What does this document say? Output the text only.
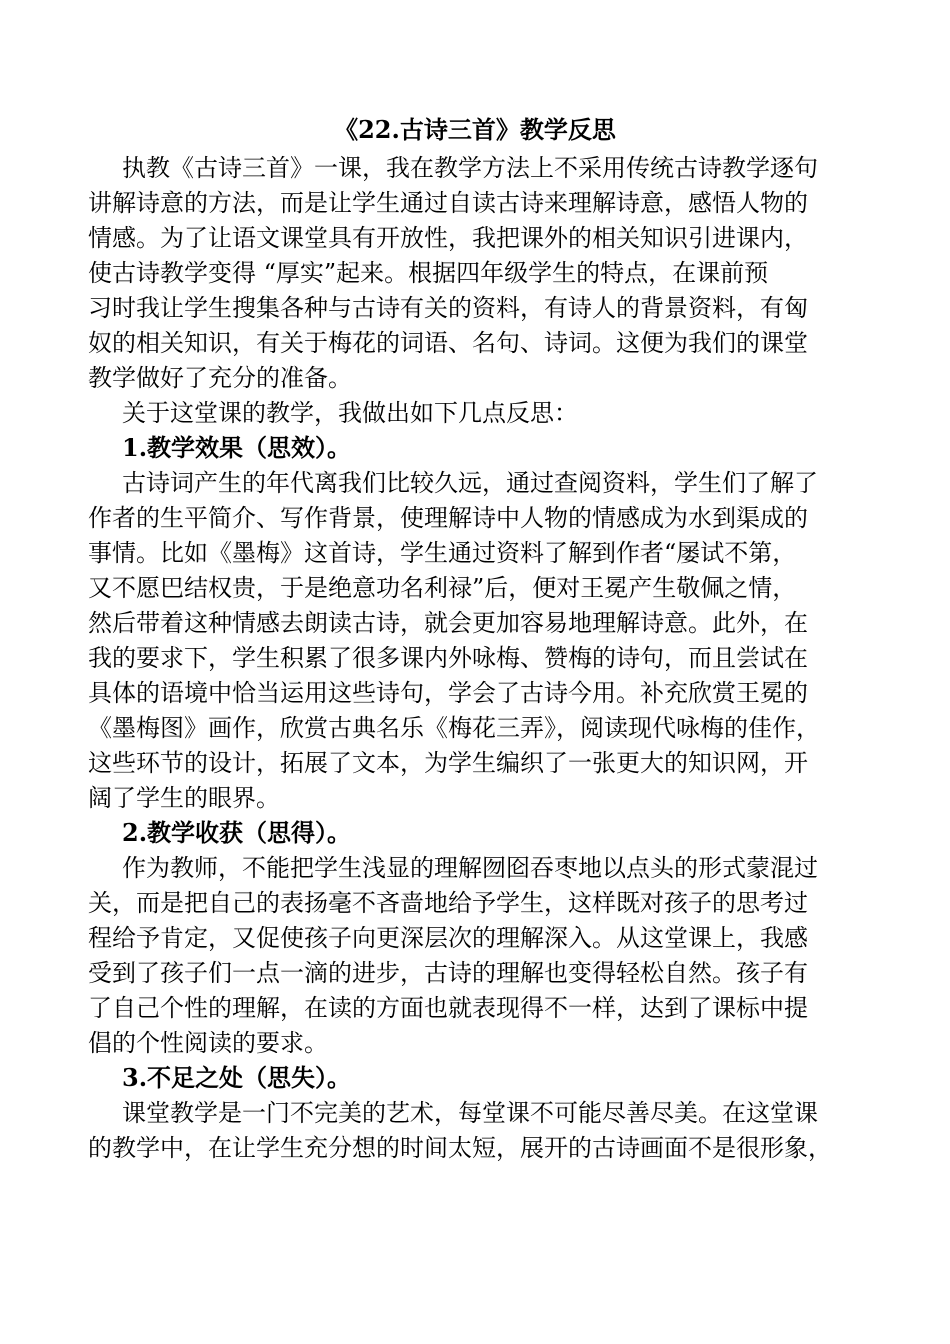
《22.古诗三首》教学反思
执教《古诗三首》一课，我在教学方法上不采用传统古诗教学逐句
讲解诗意的方法，而是让学生通过自读古诗来理解诗意，感悟人物的
情感。为了让语文课堂具有开放性，我把课外的相关知识引进课内，
使古诗教学变得 “厚实”起来。根据四年级学生的特点，在课前预
习时我让学生搜集各种与古诗有关的资料，有诗人的背景资料，有匈
奴的相关知识，有关于梅花的词语、名句、诗词。这便为我们的课堂
教学做好了充分的准备。
关于这堂课的教学，我做出如下几点反思：
1.教学效果（思效）。
古诗词产生的年代离我们比较久远，通过查阅资料，学生们了解了
作者的生平简介、写作背景，使理解诗中人物的情感成为水到渠成的
事情。比如《墨梅》这首诗，学生通过资料了解到作者“屡试不第，
又不愿巴结权贵，于是绝意功名利禄”后，便对王冕产生敬佩之情，
然后带着这种情感去朗读古诗，就会更加容易地理解诗意。此外，在
我的要求下，学生积累了很多课内外咏梅、赞梅的诗句，而且尝试在
具体的语境中恰当运用这些诗句，学会了古诗今用。补充欣赏王冕的
《墨梅图》画作，欣赏古典名乐《梅花三弄》，阅读现代咏梅的佳作，
这些环节的设计，拓展了文本，为学生编织了一张更大的知识网，开
阔了学生的眼界。
2.教学收获（思得）。
作为教师，不能把学生浅显的理解囫囵吞枣地以点头的形式蒙混过
关，而是把自己的表扬毫不吝啬地给予学生，这样既对孩子的思考过
程给予肯定，又促使孩子向更深层次的理解深入。从这堂课上，我感
受到了孩子们一点一滴的进步，古诗的理解也变得轻松自然。孩子有
了自己个性的理解，在读的方面也就表现得不一样，达到了课标中提
倡的个性阅读的要求。
3.不足之处（思失）。
课堂教学是一门不完美的艺术，每堂课不可能尽善尽美。在这堂课
的教学中，在让学生充分想的时间太短，展开的古诗画面不是很形象，
